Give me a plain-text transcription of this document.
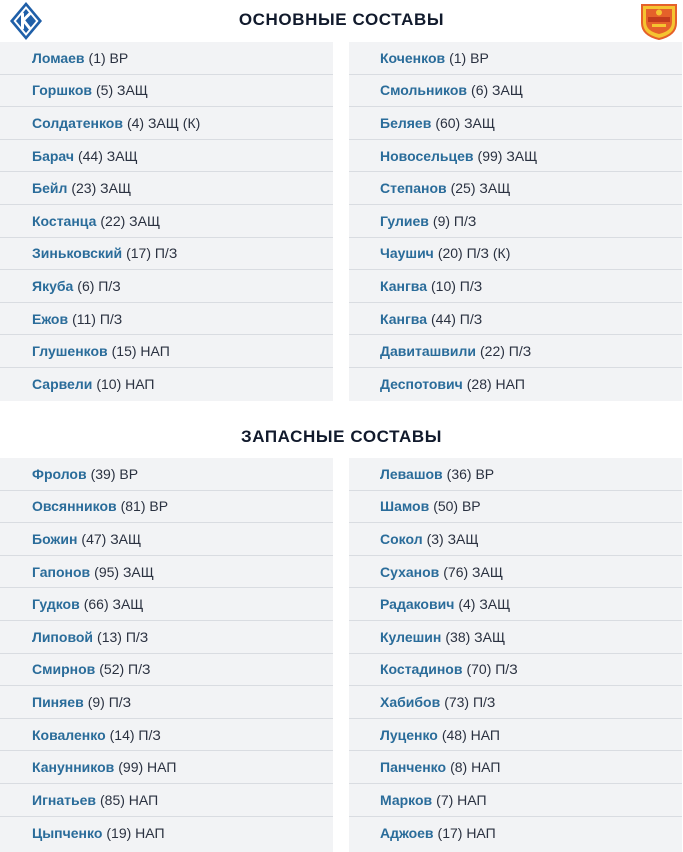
ОСНОВНЫЕ СОСТАВЫ
Ломаев (1) ВР
Горшков (5) ЗАЩ
Солдатенков (4) ЗАЩ (К)
Барач (44) ЗАЩ
Бейл (23) ЗАЩ
Костанца (22) ЗАЩ
Зиньковский (17) П/З
Якуба (6) П/З
Ежов (11) П/З
Глушенков (15) НАП
Сарвели (10) НАП
Коченков (1) ВР
Смольников (6) ЗАЩ
Беляев (60) ЗАЩ
Новосельцев (99) ЗАЩ
Степанов (25) ЗАЩ
Гулиев (9) П/З
Чаушич (20) П/З (К)
Кангва (10) П/З
Кангва (44) П/З
Давиташвили (22) П/З
Деспотович (28) НАП
ЗАПАСНЫЕ СОСТАВЫ
Фролов (39) ВР
Овсянников (81) ВР
Божин (47) ЗАЩ
Гапонов (95) ЗАЩ
Гудков (66) ЗАЩ
Липовой (13) П/З
Смирнов (52) П/З
Пиняев (9) П/З
Коваленко (14) П/З
Канунников (99) НАП
Игнатьев (85) НАП
Цыпченко (19) НАП
Левашов (36) ВР
Шамов (50) ВР
Сокол (3) ЗАЩ
Суханов (76) ЗАЩ
Радакович (4) ЗАЩ
Кулешин (38) ЗАЩ
Костадинов (70) П/З
Хабибов (73) П/З
Луценко (48) НАП
Панченко (8) НАП
Марков (7) НАП
Аджоев (17) НАП
